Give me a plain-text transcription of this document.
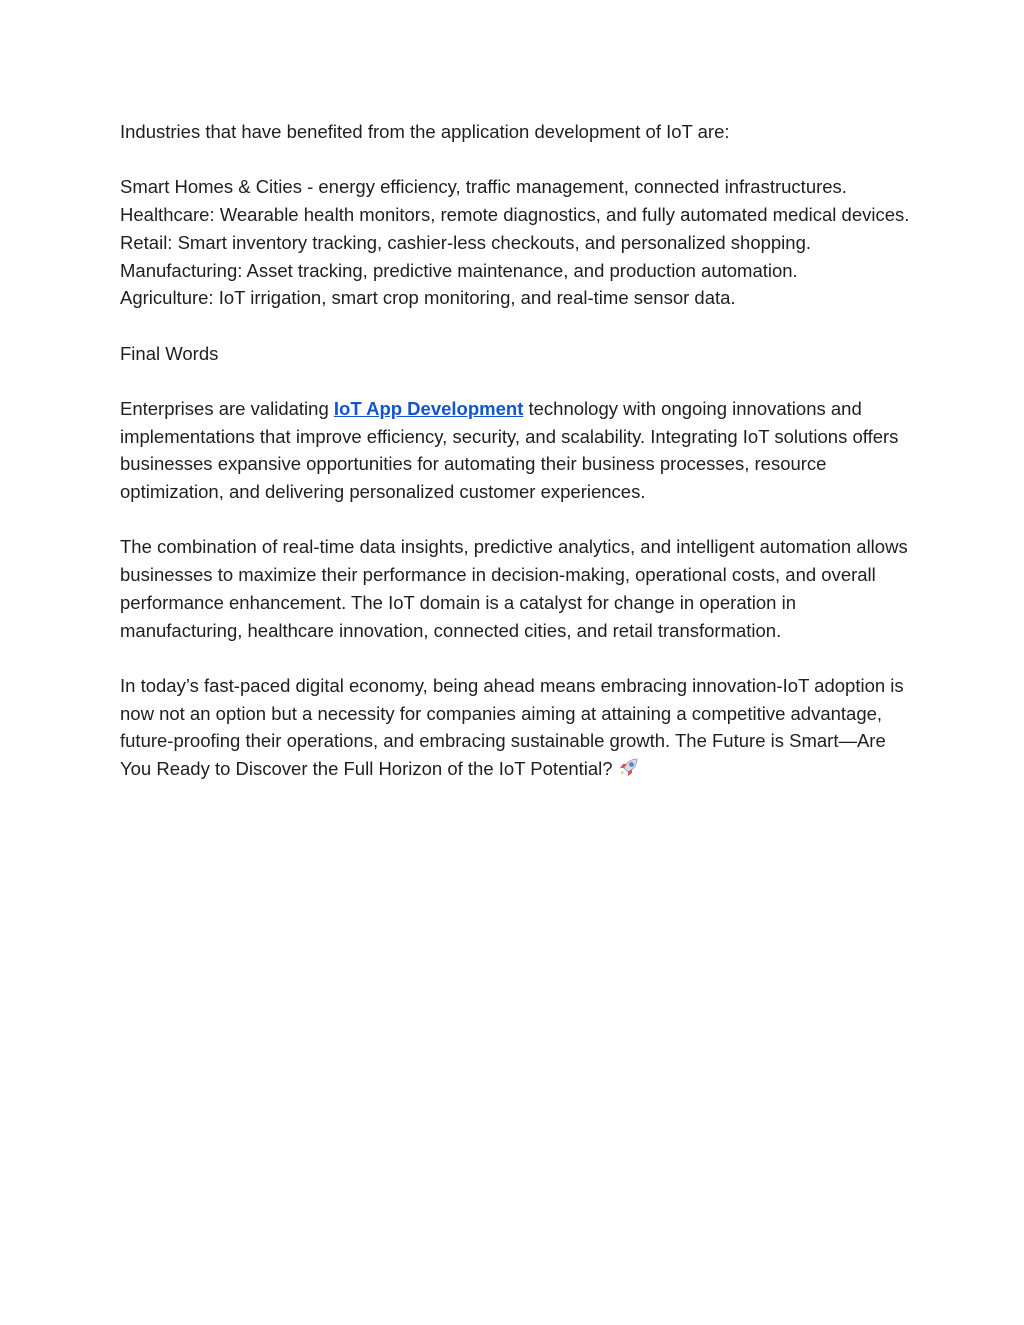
Industries that have benefited from the application development of IoT are:

Smart Homes & Cities - energy efficiency, traffic management, connected infrastructures.
Healthcare: Wearable health monitors, remote diagnostics, and fully automated medical devices.
Retail: Smart inventory tracking, cashier-less checkouts, and personalized shopping.
Manufacturing: Asset tracking, predictive maintenance, and production automation.
Agriculture: IoT irrigation, smart crop monitoring, and real-time sensor data.

Final Words

Enterprises are validating IoT App Development technology with ongoing innovations and implementations that improve efficiency, security, and scalability. Integrating IoT solutions offers businesses expansive opportunities for automating their business processes, resource optimization, and delivering personalized customer experiences.

The combination of real-time data insights, predictive analytics, and intelligent automation allows businesses to maximize their performance in decision-making, operational costs, and overall performance enhancement. The IoT domain is a catalyst for change in operation in manufacturing, healthcare innovation, connected cities, and retail transformation.

In today’s fast-paced digital economy, being ahead means embracing innovation-IoT adoption is now not an option but a necessity for companies aiming at attaining a competitive advantage, future-proofing their operations, and embracing sustainable growth. The Future is Smart—Are You Ready to Discover the Full Horizon of the IoT Potential?
